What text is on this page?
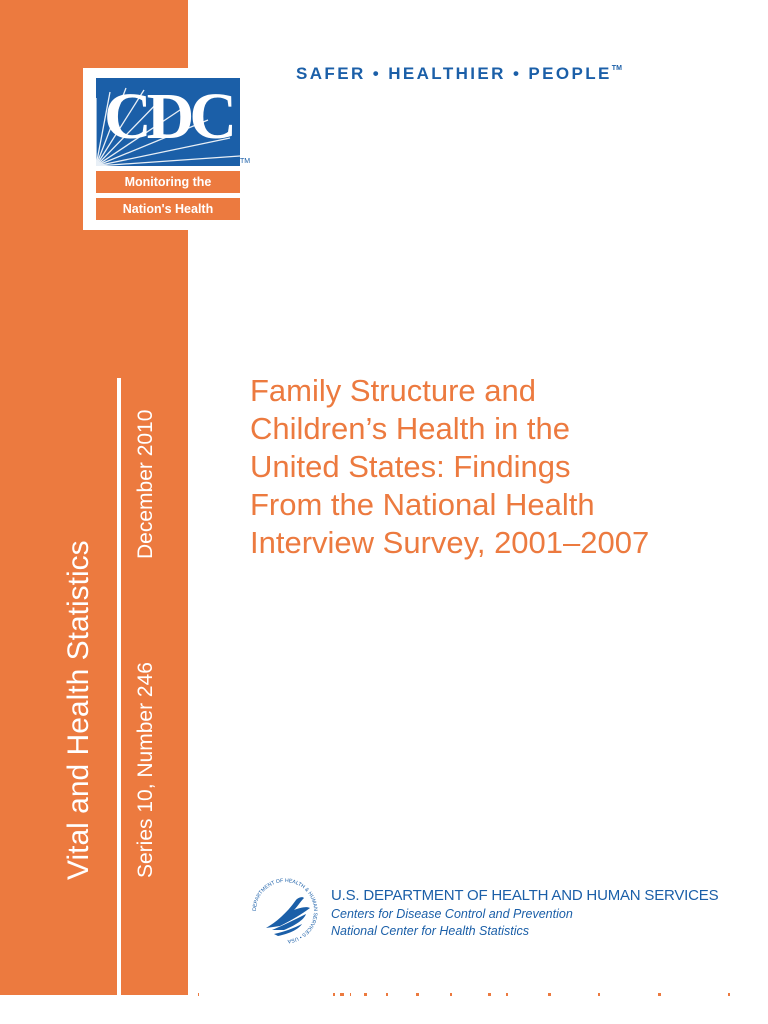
CDC
TM
Monitoring the
Nation's Health
SAFER • HEALTHIER • PEOPLE™
Family Structure and
Children’s Health in the
United States: Findings
From the National Health
Interview Survey, 2001–2007
Vital and Health Statistics Series 10, Number 246
December 2010
DEPARTMENT OF HEALTH & HUMAN SERVICES • USA
U.S. DEPARTMENT OF HEALTH AND HUMAN SERVICES
Centers for Disease Control and Prevention
National Center for Health Statistics
